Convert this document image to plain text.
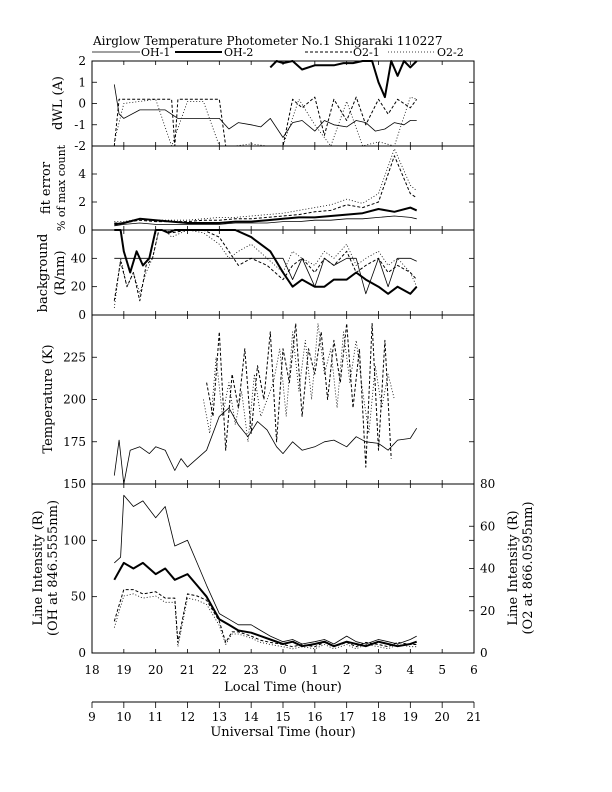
Airglow Temperature Photometer No.1 Shigaraki 110227
OH-1	OH-2	O2-1	O2-2
2
1
0
-1
-2
dWL (A)
0
2
4
fit error % of max count
0
20
40
background (R/nm)
150
175
200
225
Temperature (K)
0
50
100
0
20
40
60
80
Line Intensity (R) (OH at 846.5555nm)	Line Intensity (R) (O2 at 866.0595nm)
18 19 20 21 22 23 0 1 2 3 4 5 6
Local Time (hour)
9 10 11 12 13 14 15 16 17 18 19 20 21
Universal Time (hour)
